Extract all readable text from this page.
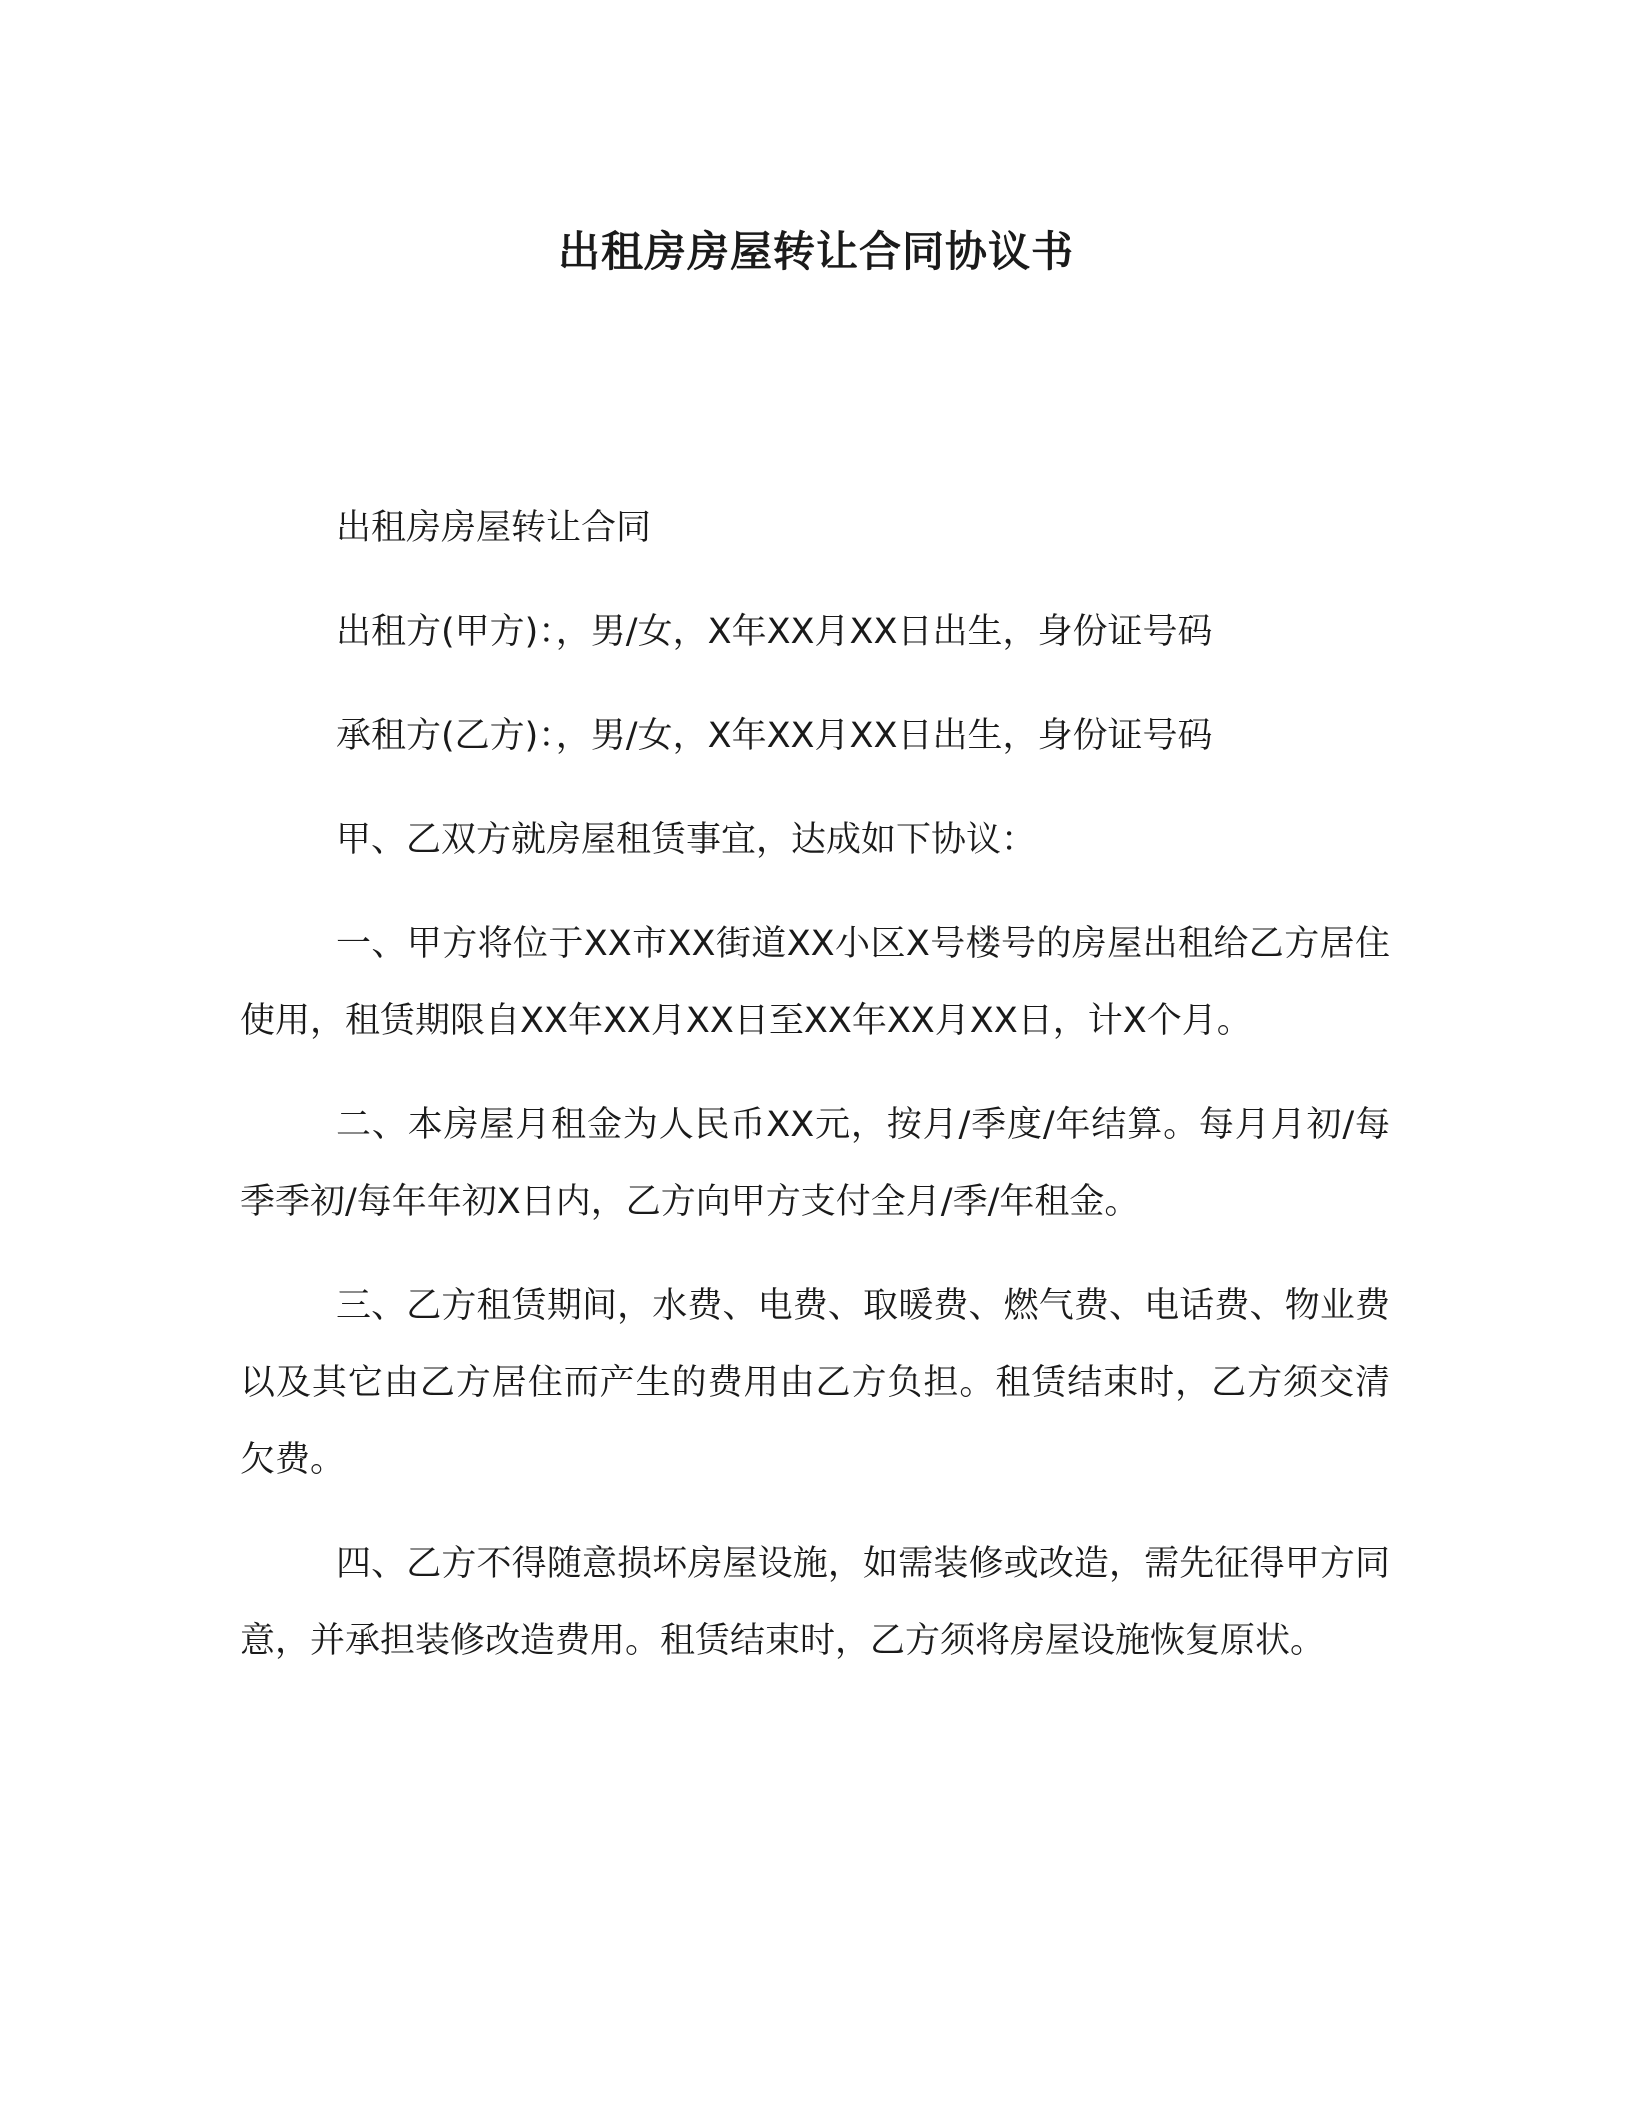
出租房房屋转让合同协议书

出租房房屋转让合同

出租方(甲方)：，男/女，X年XX月XX日出生，身份证号码

承租方(乙方)：，男/女，X年XX月XX日出生，身份证号码

甲、乙双方就房屋租赁事宜，达成如下协议：

一、甲方将位于XX市XX街道XX小区X号楼号的房屋出租给乙方居住使用，租赁期限自XX年XX月XX日至XX年XX月XX日，计X个月。

二、本房屋月租金为人民币XX元，按月/季度/年结算。每月月初/每季季初/每年年初X日内，乙方向甲方支付全月/季/年租金。

三、乙方租赁期间，水费、电费、取暖费、燃气费、电话费、物业费以及其它由乙方居住而产生的费用由乙方负担。租赁结束时，乙方须交清欠费。

四、乙方不得随意损坏房屋设施，如需装修或改造，需先征得甲方同意，并承担装修改造费用。租赁结束时，乙方须将房屋设施恢复原状。
